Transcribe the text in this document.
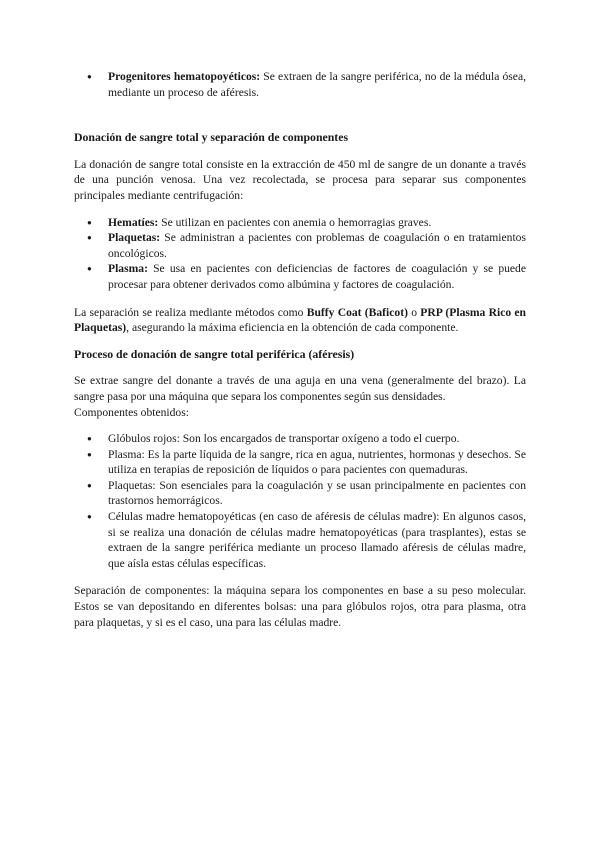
● Progenitores hematopoyéticos: Se extraen de la sangre periférica, no de la médula ósea, mediante un proceso de aféresis.
Donación de sangre total y separación de componentes

La donación de sangre total consiste en la extracción de 450 ml de sangre de un donante a través de una punción venosa. Una vez recolectada, se procesa para separar sus componentes principales mediante centrifugación:

● Hematíes: Se utilizan en pacientes con anemia o hemorragias graves.
● Plaquetas: Se administran a pacientes con problemas de coagulación o en tratamientos oncológicos.
● Plasma: Se usa en pacientes con deficiencias de factores de coagulación y se puede procesar para obtener derivados como albúmina y factores de coagulación.

La separación se realiza mediante métodos como Buffy Coat (Baficot) o PRP (Plasma Rico en Plaquetas), asegurando la máxima eficiencia en la obtención de cada componente.

Proceso de donación de sangre total periférica (aféresis)

Se extrae sangre del donante a través de una aguja en una vena (generalmente del brazo). La sangre pasa por una máquina que separa los componentes según sus densidades.

Componentes obtenidos:

● Glóbulos rojos: Son los encargados de transportar oxígeno a todo el cuerpo.
● Plasma: Es la parte líquida de la sangre, rica en agua, nutrientes, hormonas y desechos. Se utiliza en terapias de reposición de líquidos o para pacientes con quemaduras.
● Plaquetas: Son esenciales para la coagulación y se usan principalmente en pacientes con trastornos hemorrágicos.
● Células madre hematopoyéticas (en caso de aféresis de células madre): En algunos casos, si se realiza una donación de células madre hematopoyéticas (para trasplantes), estas se extraen de la sangre periférica mediante un proceso llamado aféresis de células madre, que aísla estas células específicas.

Separación de componentes: la máquina separa los componentes en base a su peso molecular. Estos se van depositando en diferentes bolsas: una para glóbulos rojos, otra para plasma, otra para plaquetas, y si es el caso, una para las células madre.
